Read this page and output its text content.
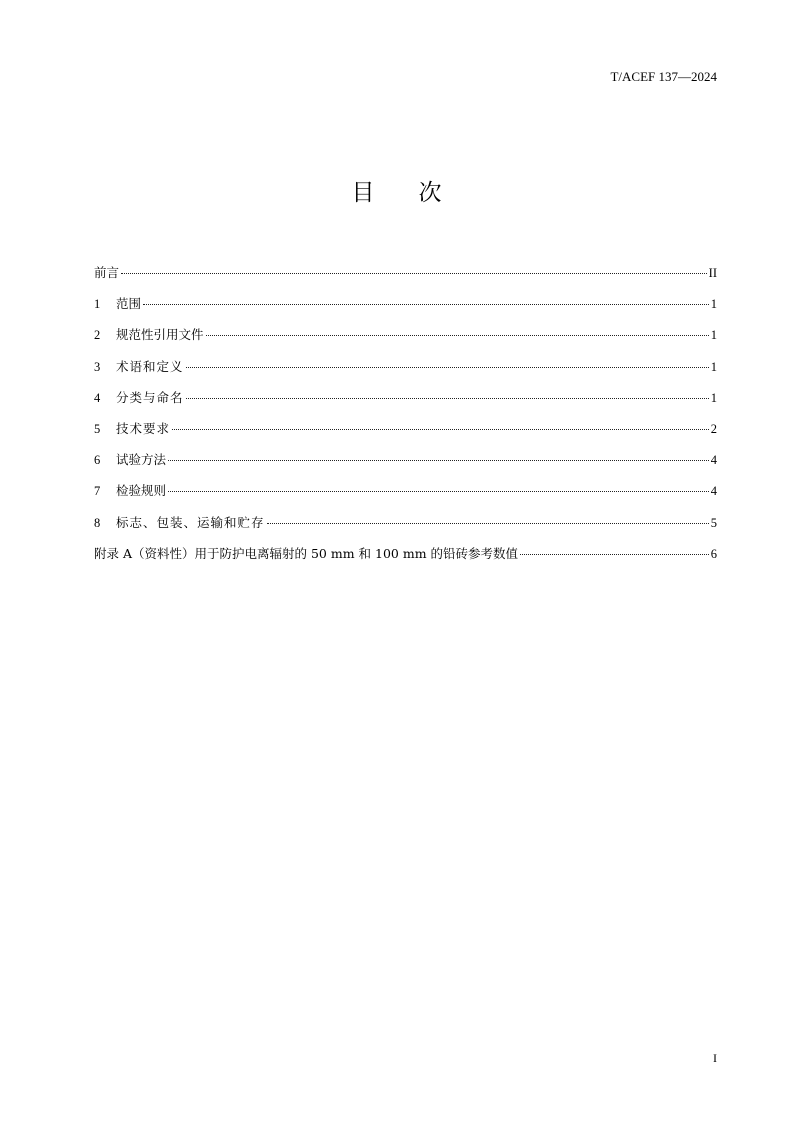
T/ACEF 137—2024
目 次
前言	II
1	范围	1
2	规范性引用文件	1
3	术语和定义	1
4	分类与命名	1
5	技术要求	2
6	试验方法	4
7	检验规则	4
8	标志、包装、运输和贮存	5
附录 A（资料性）用于防护电离辐射的 50 mm 和 100 mm 的铅砖参考数值	6
I
